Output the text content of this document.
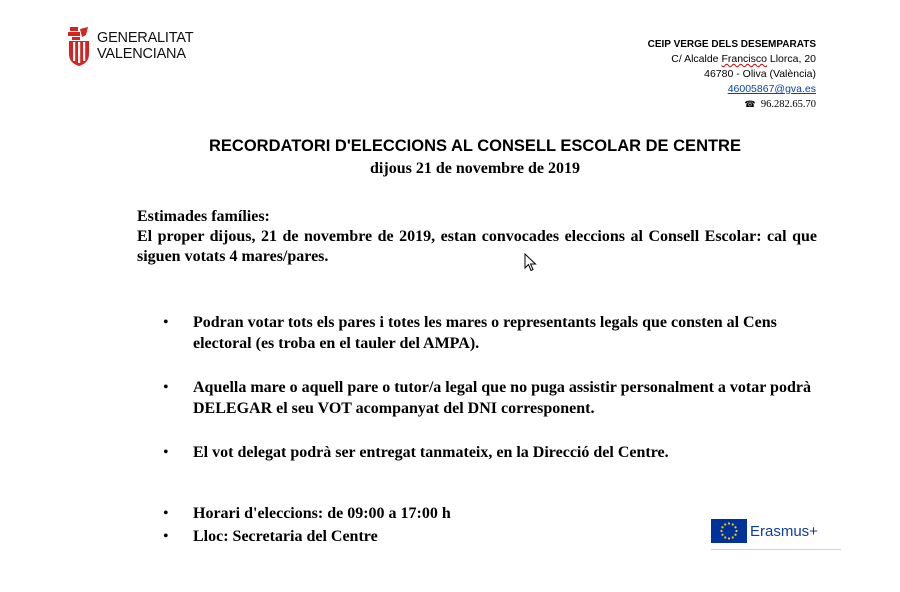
GENERALITAT
VALENCIANA
CEIP VERGE DELS DESEMPARATS
C/ Alcalde Francisco Llorca, 20
46780 - Oliva (València)
46005867@gva.es
☎ 96.282.65.70
RECORDATORI D'ELECCIONS AL CONSELL ESCOLAR DE CENTRE
dijous 21 de novembre de 2019

Estimades famílies:

El proper dijous, 21 de novembre de 2019, estan convocades eleccions al Consell Escolar: cal que siguen votats 4 mares/pares.

• Podran votar tots els pares i totes les mares o representants legals que consten al Cens electoral (es troba en el tauler del AMPA).
• Aquella mare o aquell pare o tutor/a legal que no puga assistir personalment a votar podrà DELEGAR el seu VOT acompanyat del DNI corresponent.
• El vot delegat podrà ser entregat tanmateix, en la Direcció del Centre.
• Horari d'eleccions: de 09:00 a 17:00 h
• Lloc: Secretaria del Centre	Erasmus+
